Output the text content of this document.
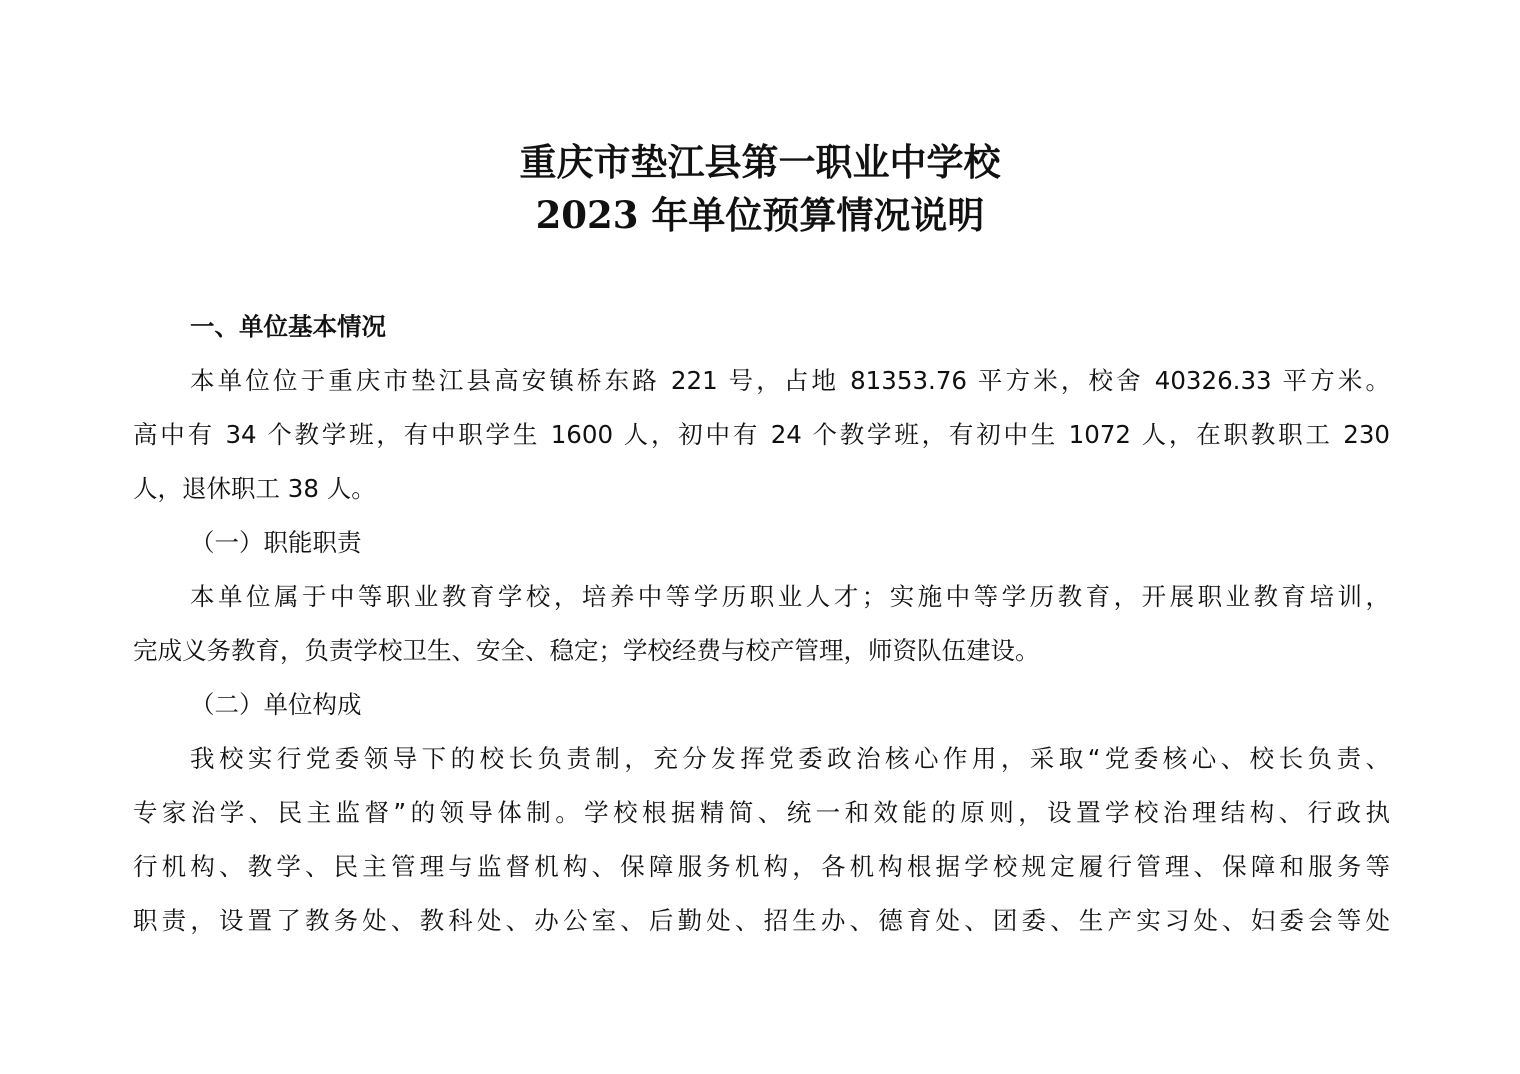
重庆市垫江县第一职业中学校
2023 年单位预算情况说明
一、单位基本情况
本单位位于重庆市垫江县高安镇桥东路 221 号，占地 81353.76 平方米，校舍 40326.33 平方米。
高中有 34 个教学班，有中职学生 1600 人，初中有 24 个教学班，有初中生 1072 人，在职教职工 230
人，退休职工 38 人。
（一）职能职责
本单位属于中等职业教育学校，培养中等学历职业人才；实施中等学历教育，开展职业教育培训，
完成义务教育，负责学校卫生、安全、稳定；学校经费与校产管理，师资队伍建设。
（二）单位构成
我校实行党委领导下的校长负责制，充分发挥党委政治核心作用，采取“党委核心、校长负责、
专家治学、民主监督”的领导体制。学校根据精简、统一和效能的原则，设置学校治理结构、行政执
行机构、教学、民主管理与监督机构、保障服务机构，各机构根据学校规定履行管理、保障和服务等
职责，设置了教务处、教科处、办公室、后勤处、招生办、德育处、团委、生产实习处、妇委会等处
